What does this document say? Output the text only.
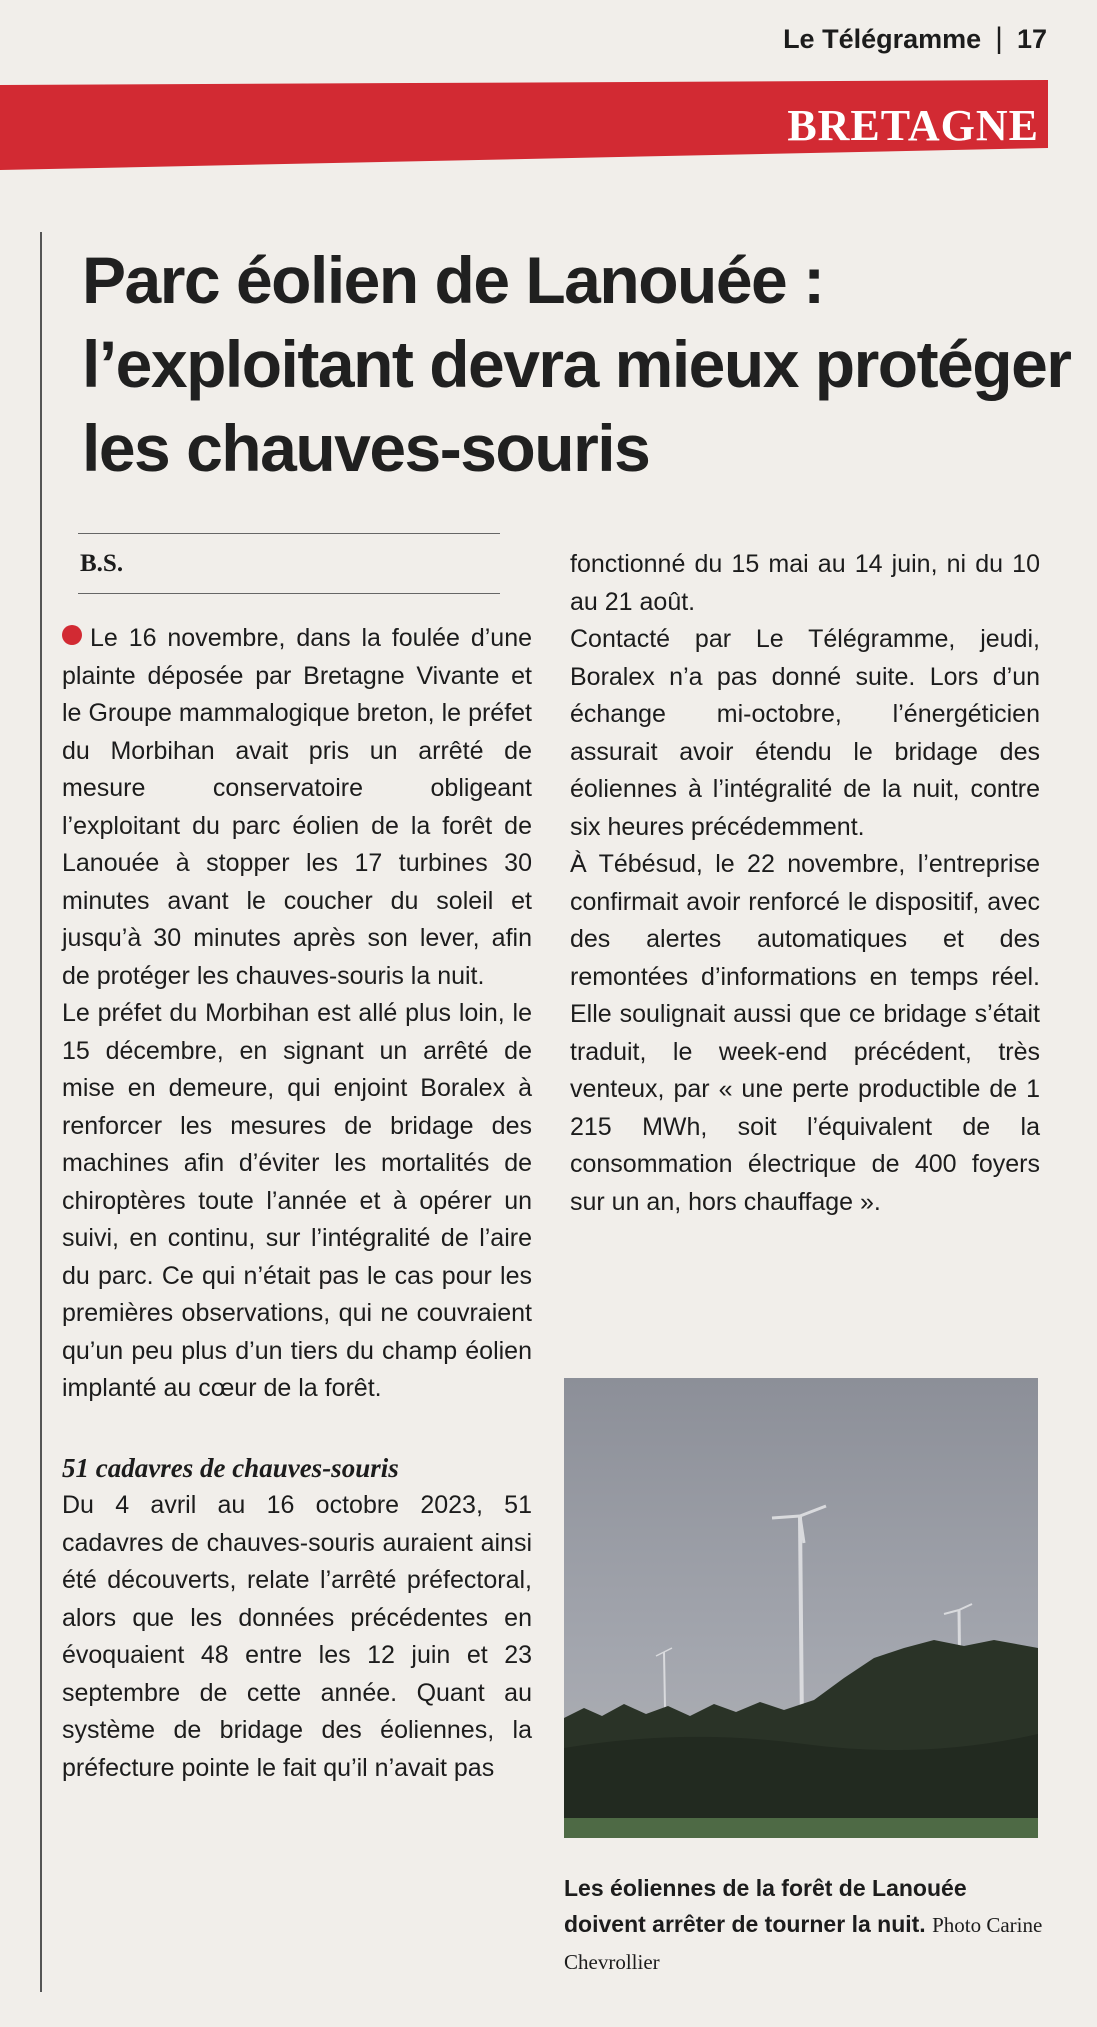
Le Télégramme | 17
BRETAGNE
Parc éolien de Lanouée : l’exploitant devra mieux protéger les chauves-souris
B.S.

Le 16 novembre, dans la foulée d’une plainte déposée par Bretagne Vivante et le Groupe mammalogique breton, le préfet du Morbihan avait pris un arrêté de mesure conservatoire obligeant l’exploitant du parc éolien de la forêt de Lanouée à stopper les 17 turbines 30 minutes avant le coucher du soleil et jusqu’à 30 minutes après son lever, afin de protéger les chauves-souris la nuit.

Le préfet du Morbihan est allé plus loin, le 15 décembre, en signant un arrêté de mise en demeure, qui enjoint Boralex à renforcer les mesures de bridage des machines afin d’éviter les mortalités de chiroptères toute l’année et à opérer un suivi, en continu, sur l’intégralité de l’aire du parc. Ce qui n’était pas le cas pour les premières observations, qui ne couvraient qu’un peu plus d’un tiers du champ éolien implanté au cœur de la forêt.

51 cadavres de chauves-souris

Du 4 avril au 16 octobre 2023, 51 cadavres de chauves-souris auraient ainsi été découverts, relate l’arrêté préfectoral, alors que les données précédentes en évoquaient 48 entre les 12 juin et 23 septembre de cette année. Quant au système de bridage des éoliennes, la préfecture pointe le fait qu’il n’avait pas

fonctionné du 15 mai au 14 juin, ni du 10 au 21 août.

Contacté par Le Télégramme, jeudi, Boralex n’a pas donné suite. Lors d’un échange mi-octobre, l’énergéticien assurait avoir étendu le bridage des éoliennes à l’intégralité de la nuit, contre six heures précédemment.

À Tébésud, le 22 novembre, l’entreprise confirmait avoir renforcé le dispositif, avec des alertes automatiques et des remontées d’informations en temps réel. Elle soulignait aussi que ce bridage s’était traduit, le week-end précédent, très venteux, par « une perte productible de 1 215 MWh, soit l’équivalent de la consommation électrique de 400 foyers sur un an, hors chauffage ».

Les éoliennes de la forêt de Lanouée doivent arrêter de tourner la nuit. Photo Carine Chevrollier
